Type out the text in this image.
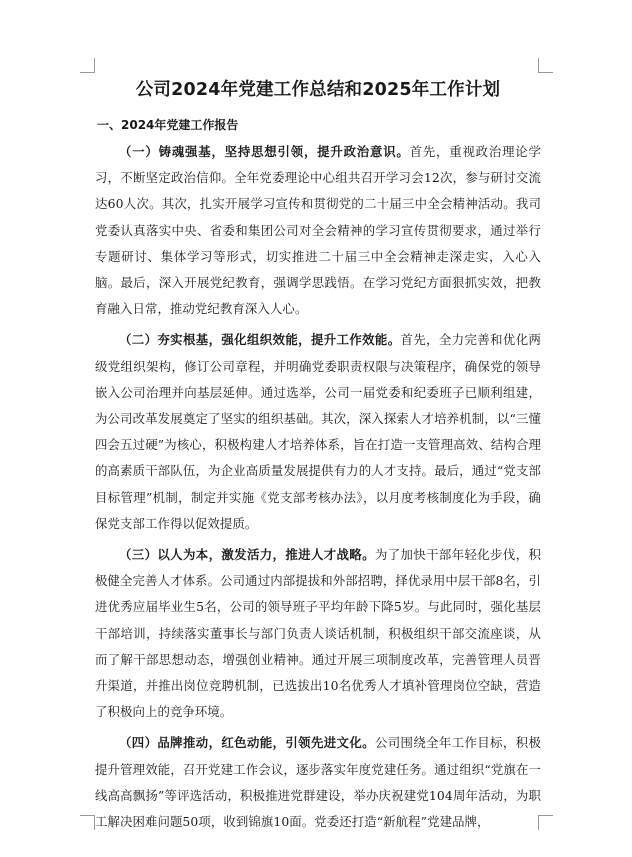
公司2024年党建工作总结和2025年工作计划
一、2024年党建工作报告

（一）铸魂强基，坚持思想引领，提升政治意识。首先，重视政治理论学习，不断坚定政治信仰。全年党委理论中心组共召开学习会12次，参与研讨交流达60人次。其次，扎实开展学习宣传和贯彻党的二十届三中全会精神活动。我司党委认真落实中央、省委和集团公司对全会精神的学习宣传贯彻要求，通过举行专题研讨、集体学习等形式，切实推进二十届三中全会精神走深走实，入心入脑。最后，深入开展党纪教育，强调学思践悟。在学习党纪方面狠抓实效，把教育融入日常，推动党纪教育深入人心。

（二）夯实根基，强化组织效能，提升工作效能。首先，全力完善和优化两级党组织架构，修订公司章程，并明确党委职责权限与决策程序，确保党的领导嵌入公司治理并向基层延伸。通过选举，公司一届党委和纪委班子已顺利组建，为公司改革发展奠定了坚实的组织基础。其次，深入探索人才培养机制，以“三懂四会五过硬”为核心，积极构建人才培养体系，旨在打造一支管理高效、结构合理的高素质干部队伍，为企业高质量发展提供有力的人才支持。最后，通过“党支部目标管理”机制，制定并实施《党支部考核办法》，以月度考核制度化为手段，确保党支部工作得以促效提质。

（三）以人为本，激发活力，推进人才战略。为了加快干部年轻化步伐，积极健全完善人才体系。公司通过内部提拔和外部招聘，择优录用中层干部8名，引进优秀应届毕业生5名，公司的领导班子平均年龄下降5岁。与此同时，强化基层干部培训，持续落实董事长与部门负责人谈话机制，积极组织干部交流座谈，从而了解干部思想动态，增强创业精神。通过开展三项制度改革，完善管理人员晋升渠道，并推出岗位竞聘机制，已选拔出10名优秀人才填补管理岗位空缺，营造了积极向上的竞争环境。

（四）品牌推动，红色动能，引领先进文化。公司围绕全年工作目标，积极提升管理效能，召开党建工作会议，逐步落实年度党建任务。通过组织“党旗在一线高高飘扬”等评选活动，积极推进党群建设，举办庆祝建党104周年活动，为职工解决困难问题50项，收到锦旗10面。党委还打造“新航程”党建品牌，
